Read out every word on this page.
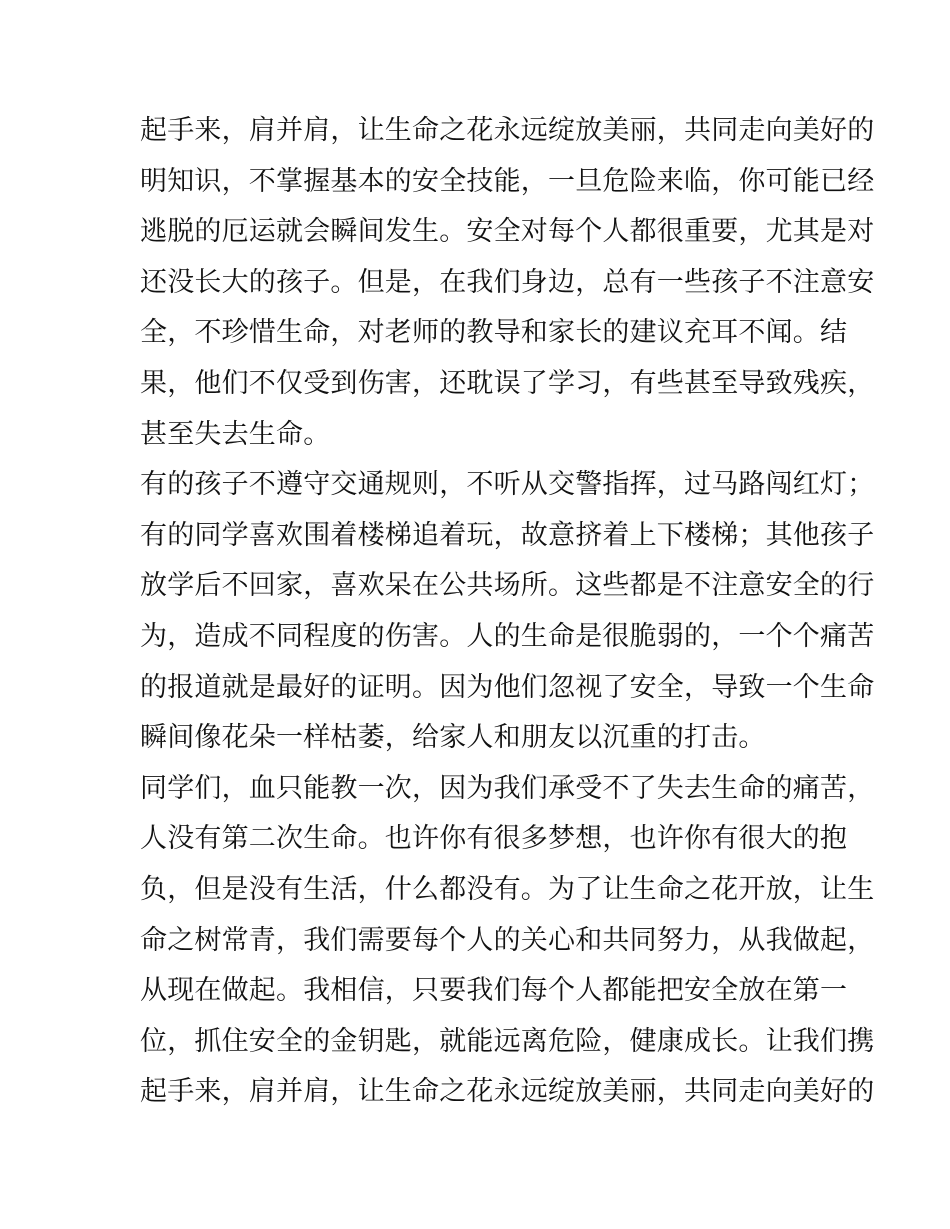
起手来，肩并肩，让生命之花永远绽放美丽，共同走向美好的
明知识，不掌握基本的安全技能，一旦危险来临，你可能已经
逃脱的厄运就会瞬间发生。安全对每个人都很重要，尤其是对
还没长大的孩子。但是，在我们身边，总有一些孩子不注意安
全，不珍惜生命，对老师的教导和家长的建议充耳不闻。结
果，他们不仅受到伤害，还耽误了学习，有些甚至导致残疾，
甚至失去生命。
有的孩子不遵守交通规则，不听从交警指挥，过马路闯红灯；
有的同学喜欢围着楼梯追着玩，故意挤着上下楼梯；其他孩子
放学后不回家，喜欢呆在公共场所。这些都是不注意安全的行
为，造成不同程度的伤害。人的生命是很脆弱的，一个个痛苦
的报道就是最好的证明。因为他们忽视了安全，导致一个生命
瞬间像花朵一样枯萎，给家人和朋友以沉重的打击。
同学们，血只能教一次，因为我们承受不了失去生命的痛苦，
人没有第二次生命。也许你有很多梦想，也许你有很大的抱
负，但是没有生活，什么都没有。为了让生命之花开放，让生
命之树常青，我们需要每个人的关心和共同努力，从我做起，
从现在做起。我相信，只要我们每个人都能把安全放在第一
位，抓住安全的金钥匙，就能远离危险，健康成长。让我们携
起手来，肩并肩，让生命之花永远绽放美丽，共同走向美好的
